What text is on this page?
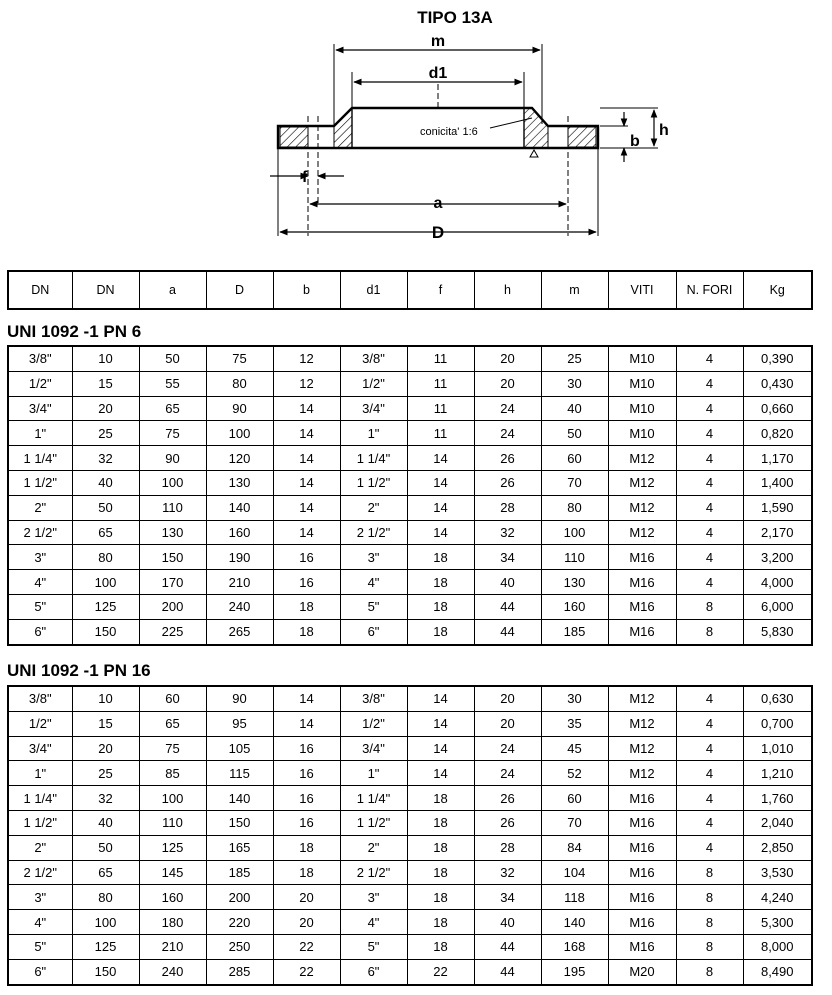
TIPO 13A
m
d1
conicita' 1:6	h
b
f
a
D
DN	DN	a	D	b	d1	f	h	m	VITI	N. FORI	Kg
UNI 1092 -1 PN 6
3/8"	10	50	75	12	3/8"	11	20	25	M10	4	0,390
1/2"	15	55	80	12	1/2"	11	20	30	M10	4	0,430
3/4"	20	65	90	14	3/4"	11	24	40	M10	4	0,660
1"	25	75	100	14	1"	11	24	50	M10	4	0,820
1 1/4"	32	90	120	14	1 1/4"	14	26	60	M12	4	1,170
1 1/2"	40	100	130	14	1 1/2"	14	26	70	M12	4	1,400
2"	50	110	140	14	2"	14	28	80	M12	4	1,590
2 1/2"	65	130	160	14	2 1/2"	14	32	100	M12	4	2,170
3"	80	150	190	16	3"	18	34	110	M16	4	3,200
4"	100	170	210	16	4"	18	40	130	M16	4	4,000
5"	125	200	240	18	5"	18	44	160	M16	8	6,000
6"	150	225	265	18	6"	18	44	185	M16	8	5,830
UNI 1092 -1 PN 16
3/8"	10	60	90	14	3/8"	14	20	30	M12	4	0,630
1/2"	15	65	95	14	1/2"	14	20	35	M12	4	0,700
3/4"	20	75	105	16	3/4"	14	24	45	M12	4	1,010
1"	25	85	115	16	1"	14	24	52	M12	4	1,210
1 1/4"	32	100	140	16	1 1/4"	18	26	60	M16	4	1,760
1 1/2"	40	110	150	16	1 1/2"	18	26	70	M16	4	2,040
2"	50	125	165	18	2"	18	28	84	M16	4	2,850
2 1/2"	65	145	185	18	2 1/2"	18	32	104	M16	8	3,530
3"	80	160	200	20	3"	18	34	118	M16	8	4,240
4"	100	180	220	20	4"	18	40	140	M16	8	5,300
5"	125	210	250	22	5"	18	44	168	M16	8	8,000
6"	150	240	285	22	6"	22	44	195	M20	8	8,490
